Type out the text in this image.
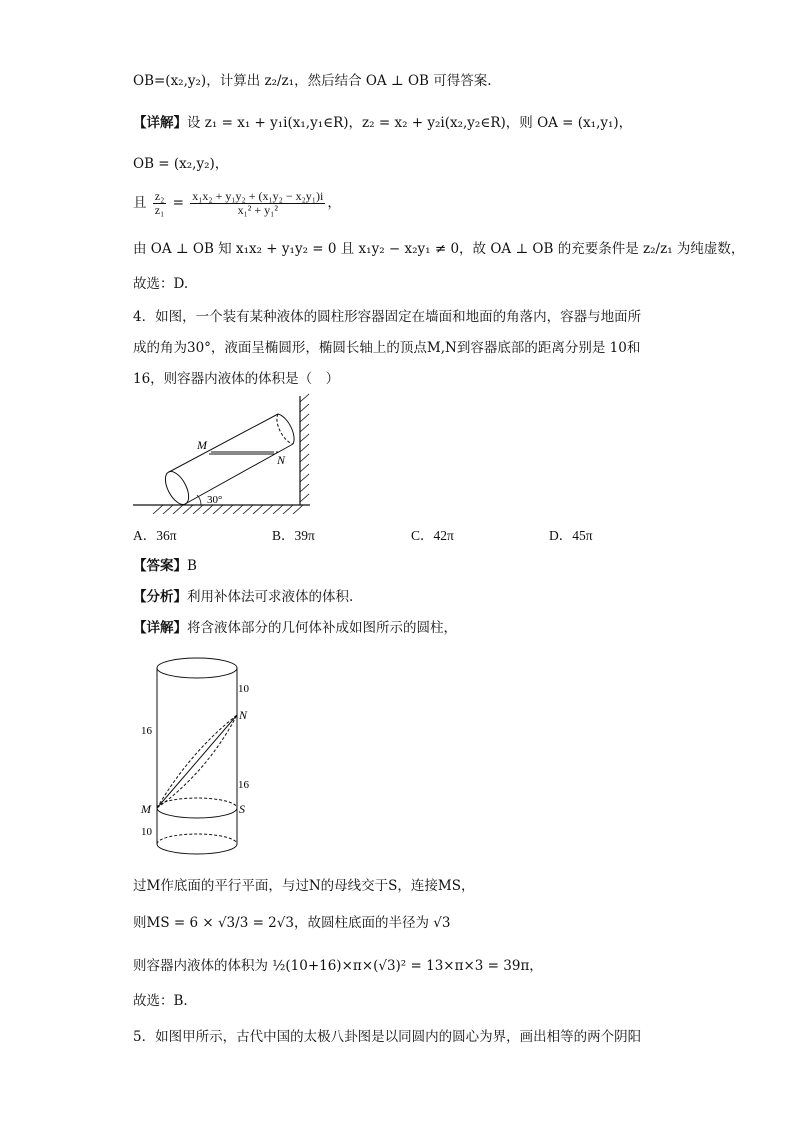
OB=(x₂,y₂)，计算出 z₂/z₁，然后结合 OA ⊥ OB 可得答案.
【详解】设 z₁ = x₁ + y₁i(x₁,y₁∈R)，z₂ = x₂ + y₂i(x₂,y₂∈R)，则 OA = (x₁,y₁)，
OB = (x₂,y₂)，
且 $\frac{\text{z₂}}{\text{z₁}} = \frac{\text{x₁x₂ + y₁y₂ + (x₁y₂ − x₂y₁)i}}{\text{x₁² + y₁²}}$ ，
由 OA ⊥ OB 知 x₁x₂ + y₁y₂ = 0 且 x₁y₂ − x₂y₁ ≠ 0，故 OA ⊥ OB 的充要条件是 z₂/z₁ 为纯虚数，
故选：D.
4．如图，一个装有某种液体的圆柱形容器固定在墙面和地面的角落内，容器与地面所
成的角为30°，液面呈椭圆形，椭圆长轴上的顶点M,N到容器底部的距离分别是 10和
16，则容器内液体的体积是（　）
M
N
30°
A．36π	B．39π	C．42π	D．45π
【答案】B
【分析】利用补体法可求液体的体积.
【详解】将含液体部分的几何体补成如图所示的圆柱，
10
16
N
16
M	S
10
过M作底面的平行平面，与过N的母线交于S，连接MS，
则MS = 6 × √3/3 = 2√3，故圆柱底面的半径为 √3
则容器内液体的体积为 ½(10+16)×π×(√3)² = 13×π×3 = 39π，
故选：B.
5．如图甲所示，古代中国的太极八卦图是以同圆内的圆心为界，画出相等的两个阴阳
